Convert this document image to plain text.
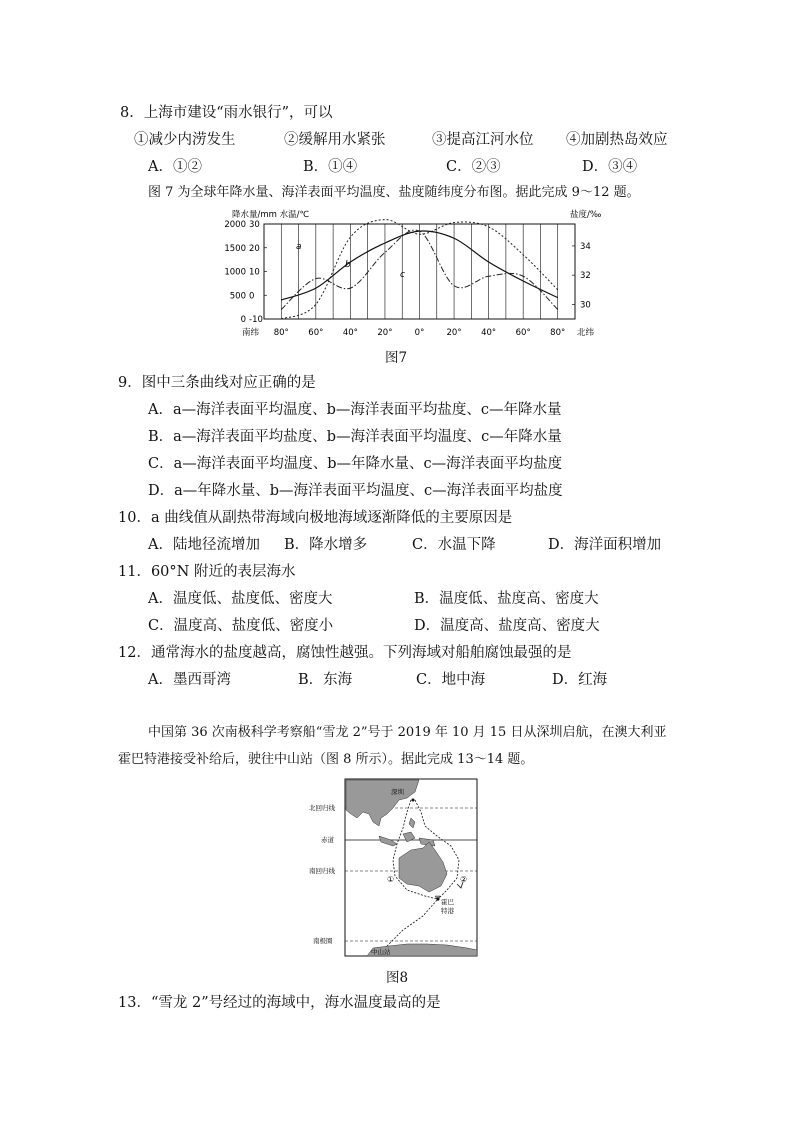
8．上海市建设“雨水银行”，可以
①减少内涝发生	②缓解用水紧张	③提高江河水位 ④加剧热岛效应
A．①②	B．①④	C．②③	D．③④
图 7 为全球年降水量、海洋表面平均温度、盐度随纬度分布图。据此完成 9～12 题。
降水量/mm 水温/℃	盐度/‰
2000
1500
1000
500
0
30
20
10
0
-10
34
32
30
80° 60° 40° 20°	0°	20° 40° 60° 80°
a
b
c
南纬	北纬
图7
9．图中三条曲线对应正确的是
A．a—海洋表面平均温度、b—海洋表面平均盐度、c—年降水量
B．a—海洋表面平均盐度、b—海洋表面平均温度、c—年降水量
C．a—海洋表面平均温度、b—年降水量、c—海洋表面平均盐度
D．a—年降水量、b—海洋表面平均温度、c—海洋表面平均盐度
10．a 曲线值从副热带海域向极地海域逐渐降低的主要原因是
A．陆地径流增加 B．降水增多	C．水温下降	D．海洋面积增加
11．60°N 附近的表层海水
A．温度低、盐度低、密度大	B．温度低、盐度高、密度大
C．温度高、盐度低、密度小	D．温度高、盐度高、密度大
12．通常海水的盐度越高，腐蚀性越强。下列海域对船舶腐蚀最强的是
A．墨西哥湾	B．东海	C．地中海	D．红海
中国第 36 次南极科学考察船“雪龙 2”号于 2019 年 10 月 15 日从深圳启航，在澳大利亚
霍巴特港接受补给后，驶往中山站（图 8 所示）。据此完成 13～14 题。
北回归线
赤道
南回归线
南极圈
深圳
霍巴
特港
中山站
①	②
图8
13．“雪龙 2”号经过的海域中，海水温度最高的是
